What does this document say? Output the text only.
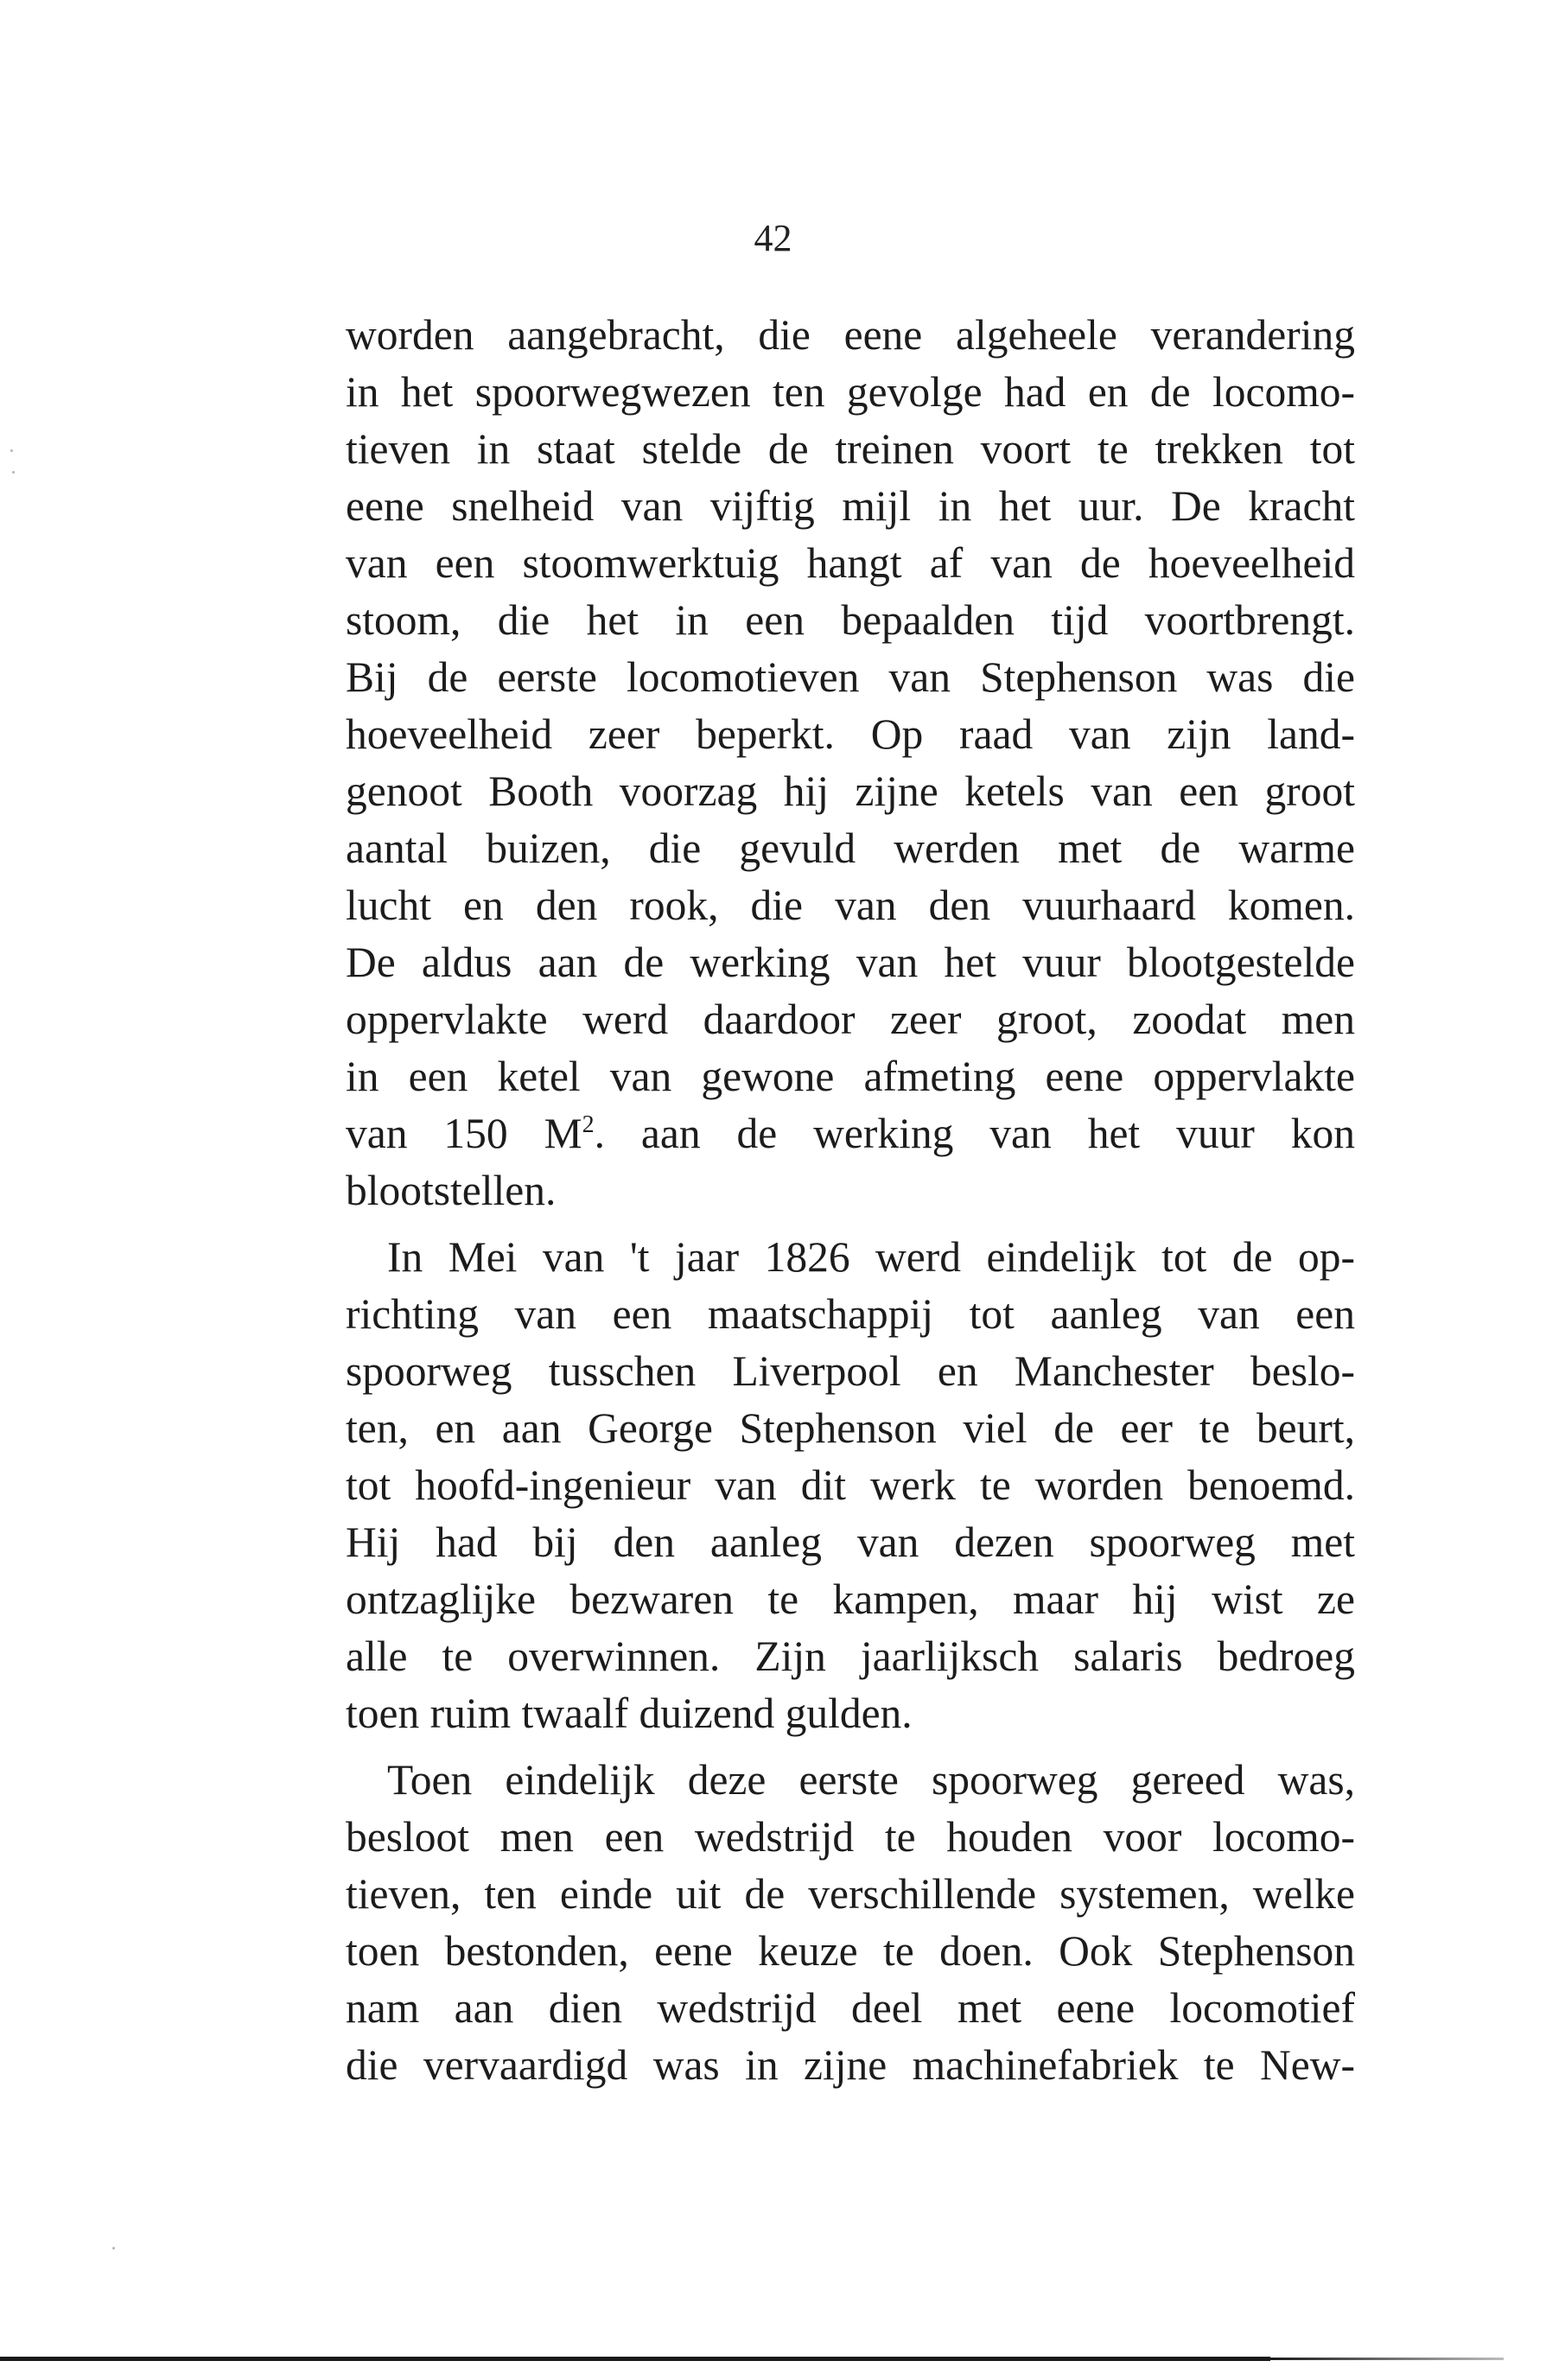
42
worden aangebracht, die eene algeheele verandering
in het spoorwegwezen ten gevolge had en de locomo-
tieven in staat stelde de treinen voort te trekken tot
eene snelheid van vijftig mijl in het uur. De kracht
van een stoomwerktuig hangt af van de hoeveelheid
stoom, die het in een bepaalden tijd voortbrengt.
Bij de eerste locomotieven van Stephenson was die
hoeveelheid zeer beperkt. Op raad van zijn land-
genoot Booth voorzag hij zijne ketels van een groot
aantal buizen, die gevuld werden met de warme
lucht en den rook, die van den vuurhaard komen.
De aldus aan de werking van het vuur blootgestelde
oppervlakte werd daardoor zeer groot, zoodat men
in een ketel van gewone afmeting eene oppervlakte
van 150 $M^2$. aan de werking van het vuur kon
blootstellen.
In Mei van 't jaar 1826 werd eindelijk tot de op-
richting van een maatschappij tot aanleg van een
spoorweg tusschen Liverpool en Manchester beslo-
ten, en aan George Stephenson viel de eer te beurt,
tot hoofd-ingenieur van dit werk te worden benoemd.
Hij had bij den aanleg van dezen spoorweg met
ontzaglijke bezwaren te kampen, maar hij wist ze
alle te overwinnen. Zijn jaarlijksch salaris bedroeg
toen ruim twaalf duizend gulden.
Toen eindelijk deze eerste spoorweg gereed was,
besloot men een wedstrijd te houden voor locomo-
tieven, ten einde uit de verschillende systemen, welke
toen bestonden, eene keuze te doen. Ook Stephenson
nam aan dien wedstrijd deel met eene locomotief
die vervaardigd was in zijne machinefabriek te New-
